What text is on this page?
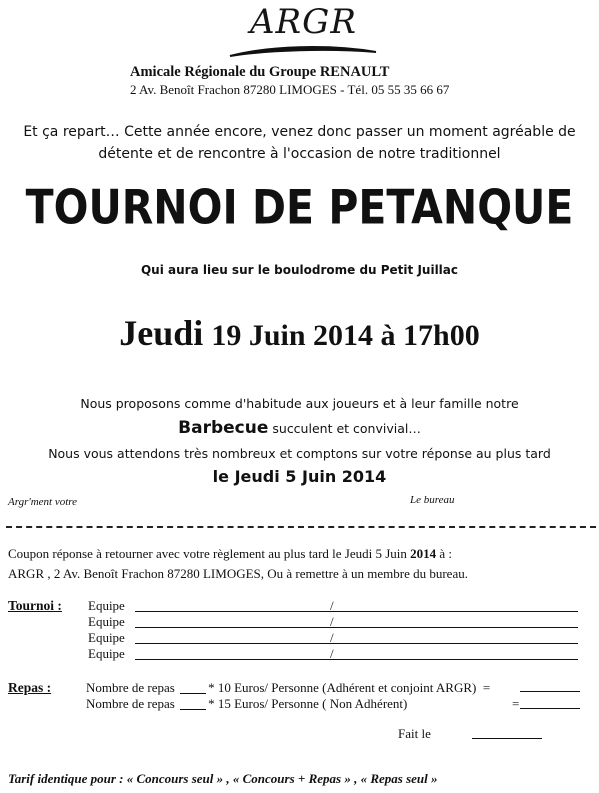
ARGR
Amicale Régionale du Groupe RENAULT
2 Av. Benoît Frachon 87280 LIMOGES - Tél. 05 55 35 66 67
Et ça repart… Cette année encore, venez donc passer un moment agréable de
détente et de rencontre à l'occasion de notre traditionnel
TOURNOI DE PETANQUE
Qui aura lieu sur le boulodrome du Petit Juillac
Jeudi 19 Juin 2014 à 17h00
Nous proposons comme d'habitude aux joueurs et à leur famille notre
Barbecue succulent et convivial…
Nous vous attendons très nombreux et comptons sur votre réponse au plus tard
le Jeudi 5 Juin 2014
Argr'ment votre	Le bureau
Coupon réponse à retourner avec votre règlement au plus tard le Jeudi 5 Juin 2014 à :
ARGR , 2 Av. Benoît Frachon 87280 LIMOGES, Ou à remettre à un membre du bureau.
Tournoi : Equipe	/
Equipe	/
Equipe	/
Equipe	/
Repas :	Nombre de repas	* 10 Euros/ Personne (Adhérent et conjoint ARGR) =
Nombre de repas	* 15 Euros/ Personne ( Non Adhérent)	=
Fait le
Tarif identique pour : « Concours seul » , « Concours + Repas » , « Repas seul »
